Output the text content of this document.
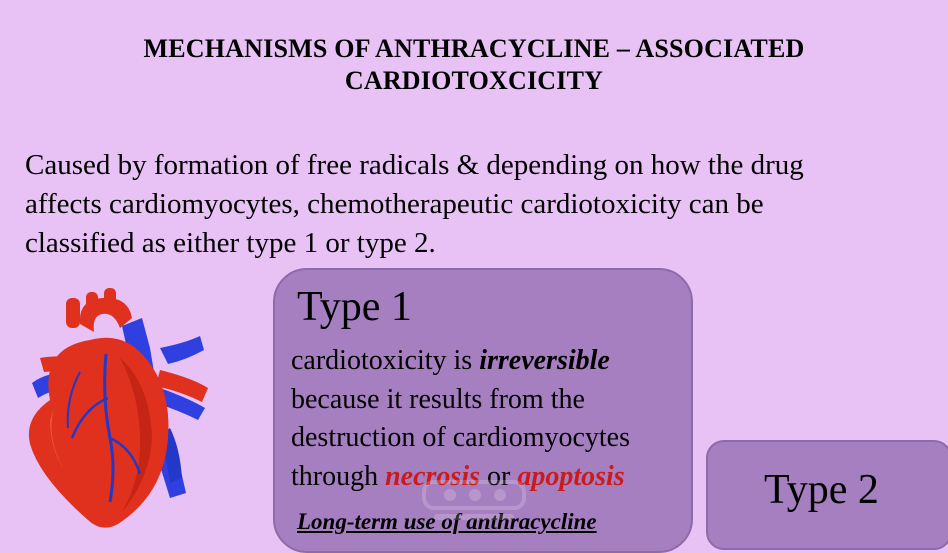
MECHANISMS OF ANTHRACYCLINE – ASSOCIATED
CARDIOTOXCICITY
Caused by formation of free radicals & depending on how the drug
affects cardiomyocytes, chemotherapeutic cardiotoxicity can be
classified as either type 1 or type 2.
Type 1
cardiotoxicity is irreversible
because it results from the
destruction of cardiomyocytes
through necrosis or apoptosis
Long-term use of anthracycline
Type 2
